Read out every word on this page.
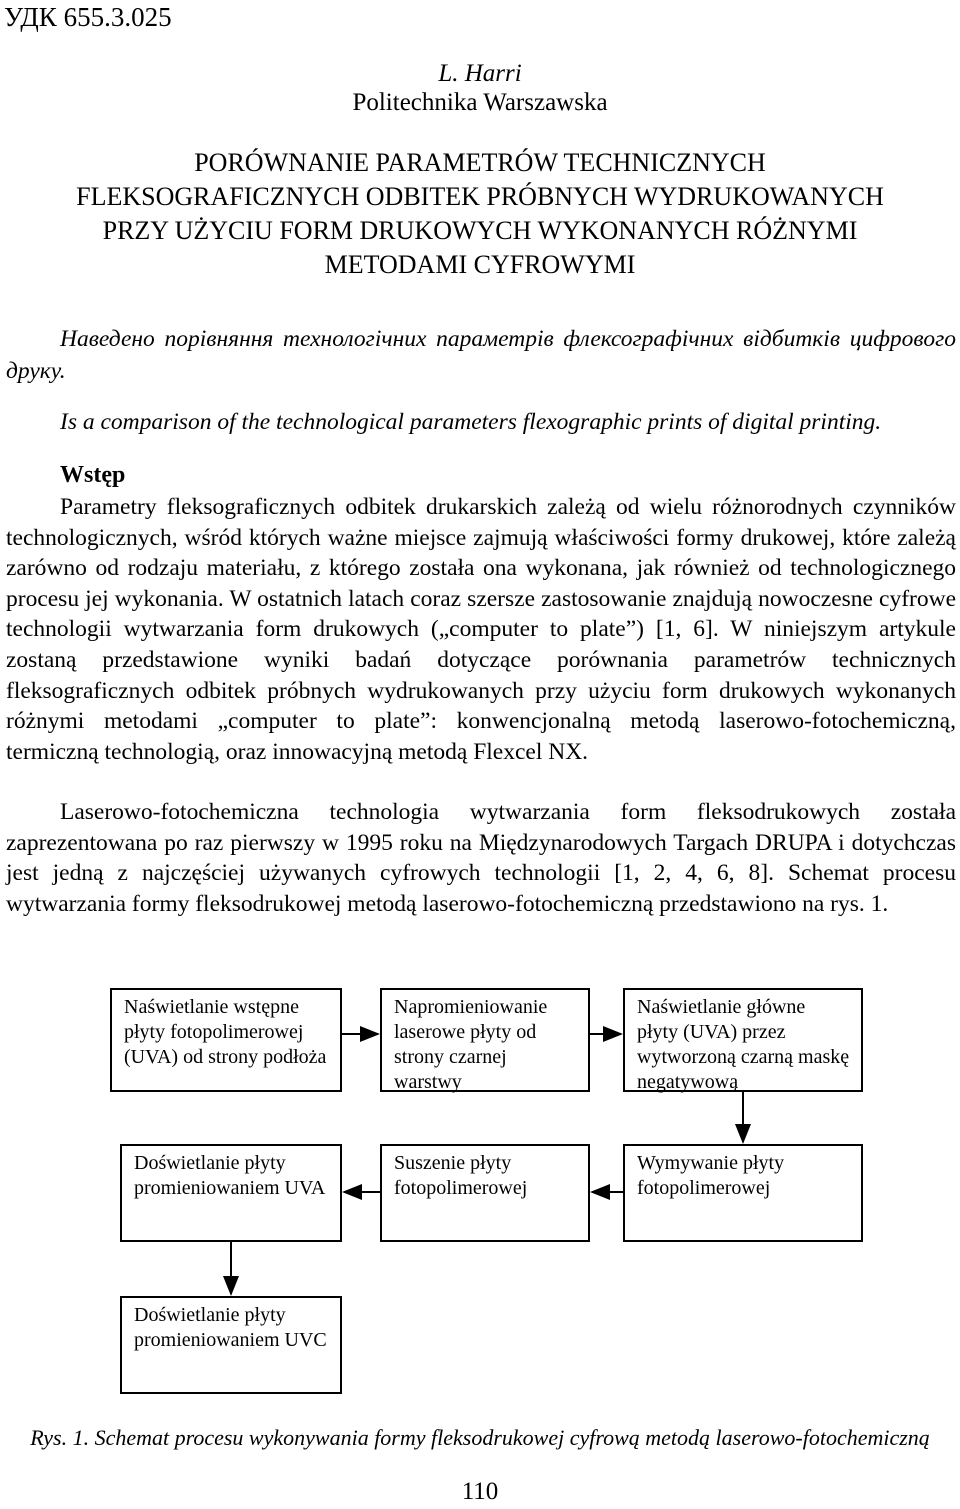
УДК 655.3.025
L. Harri
Politechnika Warszawska
PORÓWNANIE PARAMETRÓW TECHNICZNYCH
FLEKSOGRAFICZNYCH ODBITEK PRÓBNYCH WYDRUKOWANYCH
PRZY UŻYCIU FORM DRUKOWYCH WYKONANYCH RÓŻNYMI
METODAMI CYFROWYMI
Наведено порівняння технологічних параметрів флексографічних відбитків цифрового друку.
Is a comparison of the technological parameters flexographic prints of digital printing.
Wstęp
Parametry fleksograficznych odbitek drukarskich zależą od wielu różnorodnych czynników technologicznych, wśród których ważne miejsce zajmują właściwości formy drukowej, które zależą zarówno od rodzaju materiału, z którego została ona wykonana, jak również od technologicznego procesu jej wykonania. W ostatnich latach coraz szersze zastosowanie znajdują nowoczesne cyfrowe technologii wytwarzania form drukowych („computer to plate”) [1, 6]. W niniejszym artykule zostaną przedstawione wyniki badań dotyczące porównania parametrów technicznych fleksograficznych odbitek próbnych wydrukowanych przy użyciu form drukowych wykonanych różnymi metodami „computer to plate”: konwencjonalną metodą laserowo-fotochemiczną, termiczną technologią, oraz innowacyjną metodą Flexcel NX.
Laserowo-fotochemiczna technologia wytwarzania form fleksodrukowych została zaprezentowana po raz pierwszy w 1995 roku na Międzynarodowych Targach DRUPA i dotychczas jest jedną z najczęściej używanych cyfrowych technologii [1, 2, 4, 6, 8]. Schemat procesu wytwarzania formy fleksodrukowej metodą laserowo-fotochemiczną przedstawiono na rys. 1.
Naświetlanie wstępne płyty fotopolimerowej (UVA) od strony podłoża
Napromieniowanie laserowe płyty od strony czarnej warstwy
Naświetlanie główne płyty (UVA) przez wytworzoną czarną maskę negatywową
Doświetlanie płyty promieniowaniem UVA
Suszenie płyty fotopolimerowej
Wymywanie płyty fotopolimerowej
Doświetlanie płyty promieniowaniem UVC
Rys. 1. Schemat procesu wykonywania formy fleksodrukowej cyfrową metodą laserowo-fotochemiczną
110
